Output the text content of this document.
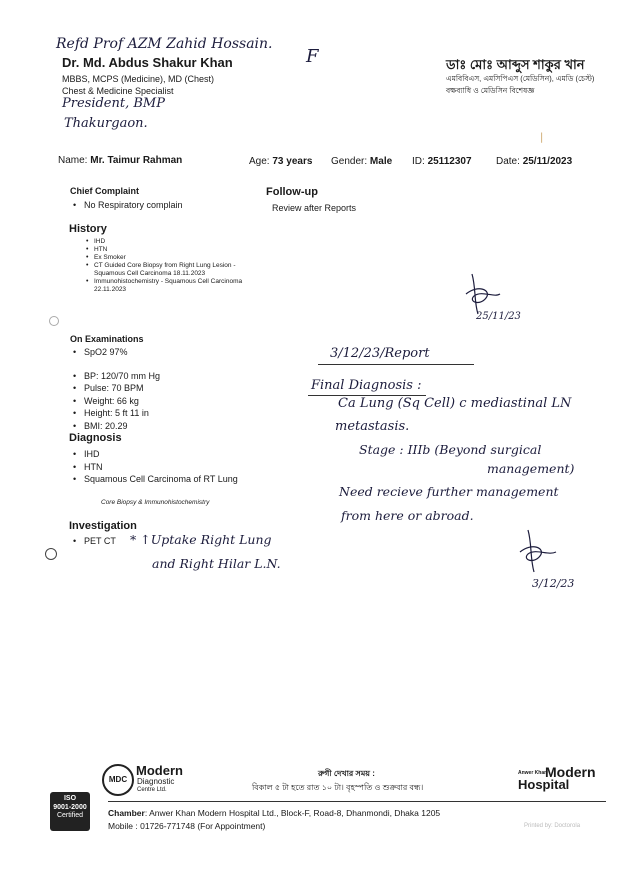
Refd Prof AZM Zahid Hossain.
F
Dr. Md. Abdus Shakur Khan
MBBS, MCPS (Medicine), MD (Chest)
Chest & Medicine Specialist
ডাঃ মোঃ আব্দুস শাকুর খান
এমবিবিএস, এমসিপিএস (মেডিসিন), এমডি (চেস্ট)
বক্ষব্যাধি ও মেডিসিন বিশেষজ্ঞ
President, BMP
Thakurgaon.
|
Name: Mr. Taimur Rahman	Age: 73 years Gender: Male ID: 25112307 Date: 25/11/2023
Chief Complaint
• No Respiratory complain
Follow-up
Review after Reports
History
• IHD
• HTN
• Ex Smoker
• CT Guided Core Biopsy from Right Lung Lesion - Squamous Cell Carcinoma 18.11.2023
• Immunohistochemistry - Squamous Cell Carcinoma 22.11.2023
25/11/23
On Examinations
• SpO2 97%
• BP: 120/70 mm Hg
• Pulse: 70 BPM
• Weight: 66 kg
• Height: 5 ft 11 in
• BMI: 20.29
Diagnosis
• IHD
• HTN
• Squamous Cell Carcinoma of RT Lung
Core Biopsy & Immunohistochemistry
3/12/23/Report
Final Diagnosis :
Ca Lung (Sq Cell) c mediastinal LN
metastasis.
Stage : IIIb (Beyond surgical
management)
Need recieve further management
from here or abroad.
3/12/23
Investigation
• PET CT * ↑Uptake Right Lung
and Right Hilar L.N.
MDC
Modern
Diagnostic
Centre Ltd.
রুগী দেখার সময় :
বিকাল ৫ টা হতে রাত ১০ টা। বৃহস্পতি ও শুক্রবার বন্ধ।
Anwer Khan
Modern
Hospital
ISO
9001-2000
Certified	Chamber: Anwer Khan Modern Hospital Ltd., Block-F, Road-8, Dhanmondi, Dhaka 1205
Mobile : 01726-771748 (For Appointment)	Printed by: Doctorola
